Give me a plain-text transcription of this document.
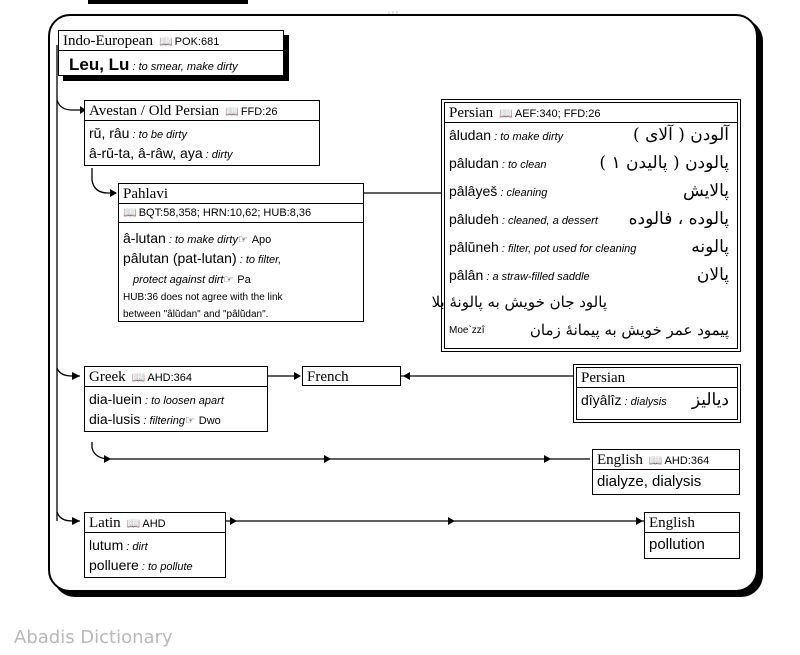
Indo-European 📖 POK:681
Leu, Lu : to smear, make dirty
Avestan / Old Persian 📖 FFD:26
rŭ, râu : to be dirty
â-rŭ-ta, â-râw, aya : dirty
Pahlavi
📖 BQT:58,358; HRN:10,62; HUB:8,36
â-lutan : to make dirty☞ Apo
pâlutan (pat-lutan) : to filter,
protect against dirt☞ Pa
HUB:36 does not agree with the link
between "âlŭdan" and "pâlŭdan".
Persian 📖 AEF:340; FFD:26
âludan : to make dirty	آلودن ( آلای )
pâludan : to clean	پالودن ( پالیدن ۱ )
pâlâyeš : cleaning	پالایش
pâludeh : cleaned, a dessert پالوده ، فالوده
pâlŭneh : filter, pot used for cleaning	پالونه
pâlân : a straw-filled saddle	پالان
پالود جان خویش به پالونهٔ بلا
Moe`zzî	پیمود عمر خویش به پیمانهٔ زمان
Greek 📖 AHD:364
dia-luein : to loosen apart
dia-lusis : filtering☞ Dwo
French	Persian
dîyâlîz : dialysis دیالیز
English 📖 AHD:364
dialyze, dialysis
Latin 📖 AHD
lutum : dirt
polluere : to pollute
English
pollution
Abadis Dictionary
